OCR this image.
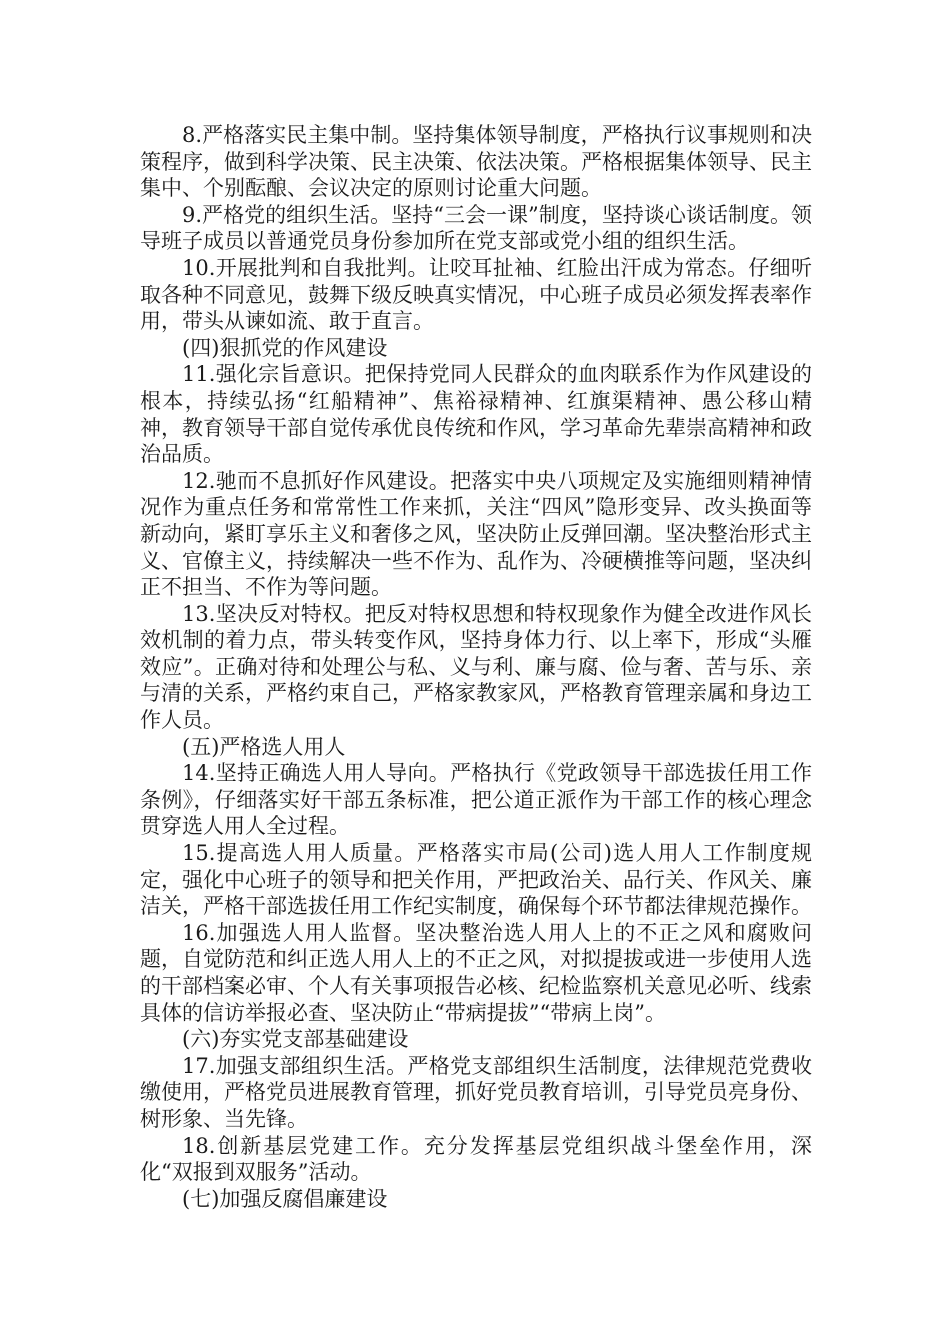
8.严格落实民主集中制。坚持集体领导制度，严格执行议事规则和决策程序，做到科学决策、民主决策、依法决策。严格根据集体领导、民主集中、个别酝酿、会议决定的原则讨论重大问题。

9.严格党的组织生活。坚持“三会一课”制度，坚持谈心谈话制度。领导班子成员以普通党员身份参加所在党支部或党小组的组织生活。

10.开展批判和自我批判。让咬耳扯袖、红脸出汗成为常态。仔细听取各种不同意见，鼓舞下级反映真实情况，中心班子成员必须发挥表率作用，带头从谏如流、敢于直言。

(四)狠抓党的作风建设

11.强化宗旨意识。把保持党同人民群众的血肉联系作为作风建设的根本，持续弘扬“红船精神”、焦裕禄精神、红旗渠精神、愚公移山精神，教育领导干部自觉传承优良传统和作风，学习革命先辈崇高精神和政治品质。

12.驰而不息抓好作风建设。把落实中央八项规定及实施细则精神情况作为重点任务和常常性工作来抓，关注“四风”隐形变异、改头换面等新动向，紧盯享乐主义和奢侈之风，坚决防止反弹回潮。坚决整治形式主义、官僚主义，持续解决一些不作为、乱作为、冷硬横推等问题，坚决纠正不担当、不作为等问题。

13.坚决反对特权。把反对特权思想和特权现象作为健全改进作风长效机制的着力点，带头转变作风，坚持身体力行、以上率下，形成“头雁效应”。正确对待和处理公与私、义与利、廉与腐、俭与奢、苦与乐、亲与清的关系，严格约束自己，严格家教家风，严格教育管理亲属和身边工作人员。

(五)严格选人用人

14.坚持正确选人用人导向。严格执行《党政领导干部选拔任用工作条例》，仔细落实好干部五条标准，把公道正派作为干部工作的核心理念贯穿选人用人全过程。

15.提高选人用人质量。严格落实市局(公司)选人用人工作制度规定，强化中心班子的领导和把关作用，严把政治关、品行关、作风关、廉洁关，严格干部选拔任用工作纪实制度，确保每个环节都法律规范操作。

16.加强选人用人监督。坚决整治选人用人上的不正之风和腐败问题，自觉防范和纠正选人用人上的不正之风，对拟提拔或进一步使用人选的干部档案必审、个人有关事项报告必核、纪检监察机关意见必听、线索具体的信访举报必查、坚决防止“带病提拔”“带病上岗”。

(六)夯实党支部基础建设

17.加强支部组织生活。严格党支部组织生活制度，法律规范党费收缴使用，严格党员进展教育管理，抓好党员教育培训，引导党员亮身份、树形象、当先锋。

18.创新基层党建工作。充分发挥基层党组织战斗堡垒作用，深化“双报到双服务”活动。

(七)加强反腐倡廉建设
